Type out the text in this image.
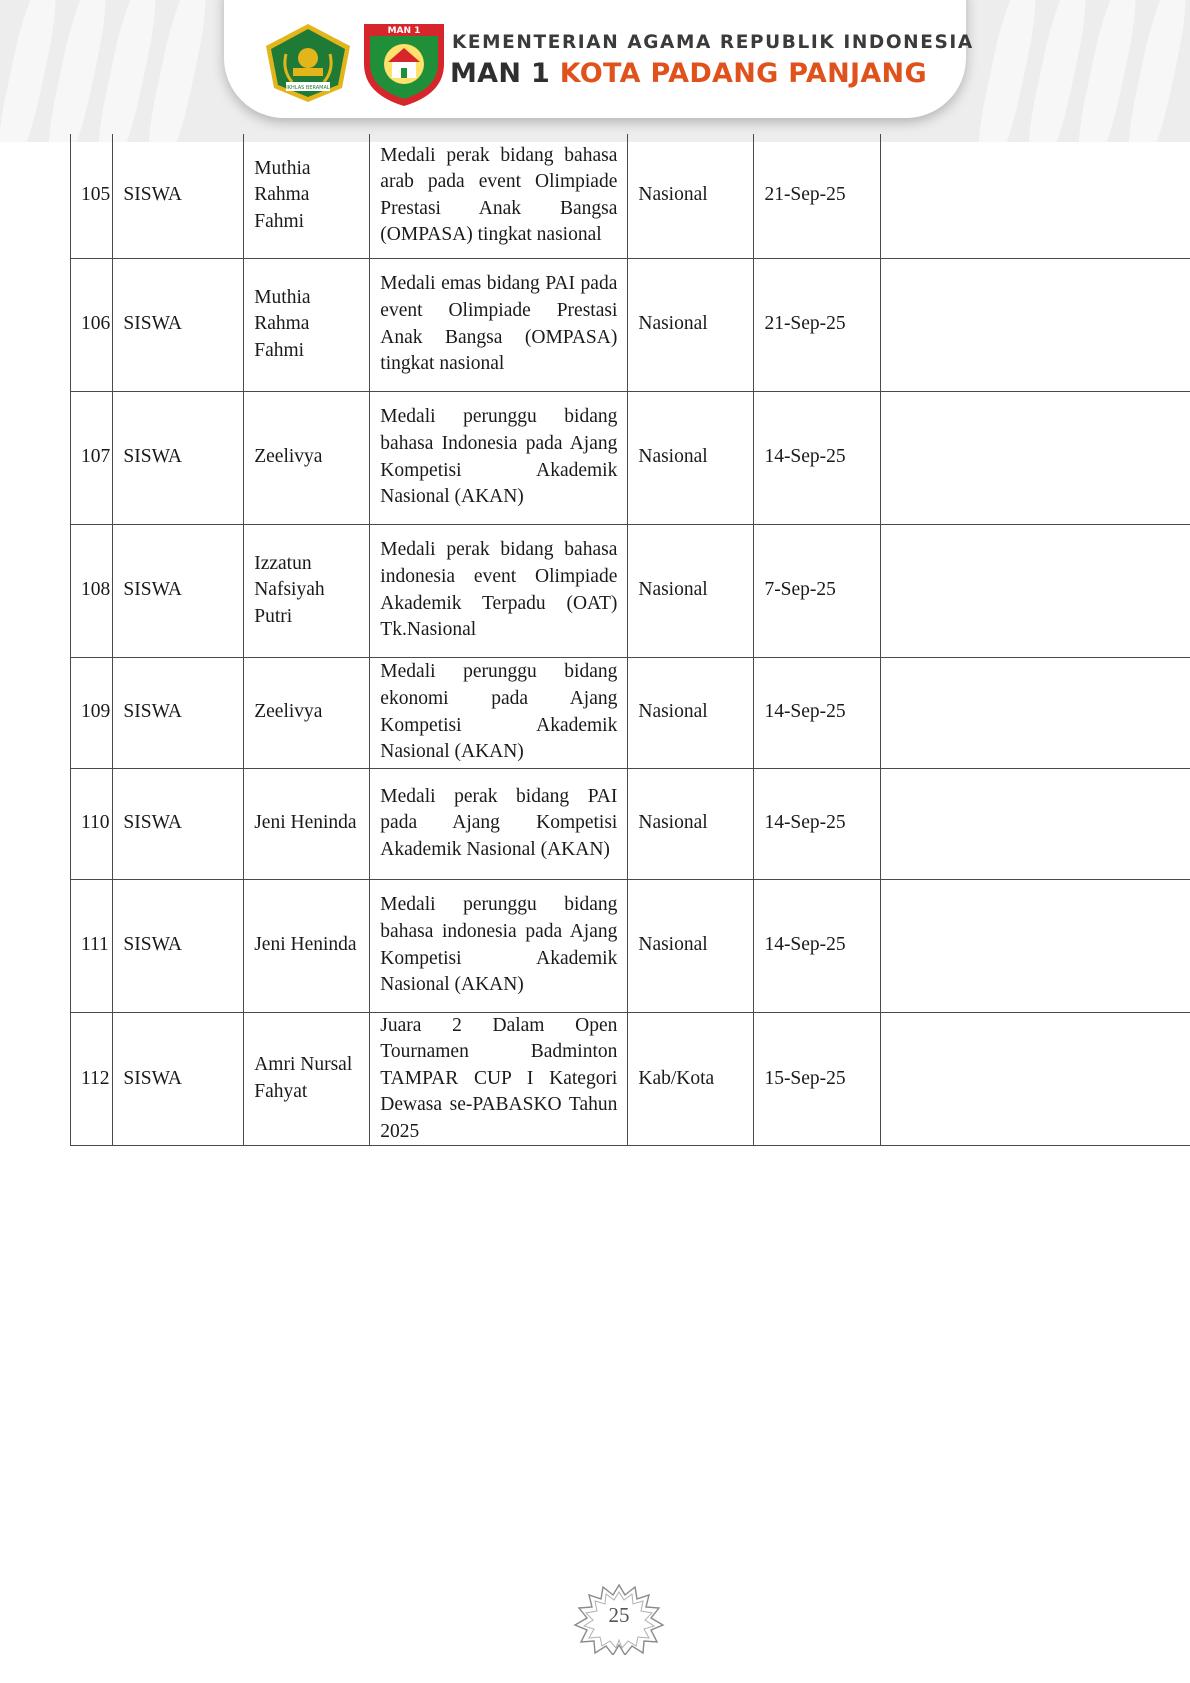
IKHLAS BERAMAL
MAN 1
KEMENTERIAN AGAMA REPUBLIK INDONESIA
MAN 1 KOTA PADANG PANJANG
105	SISWA	Muthia Rahma Fahmi	Medali perak bidang bahasa arab pada event Olimpiade Prestasi Anak Bangsa (OMPASA) tingkat nasional	Nasional	21-Sep-25	
106	SISWA	Muthia Rahma Fahmi	Medali emas bidang PAI pada event Olimpiade Prestasi Anak Bangsa (OMPASA) tingkat nasional	Nasional	21-Sep-25	
107	SISWA	Zeelivya	Medali perunggu bidang bahasa Indonesia pada Ajang Kompetisi Akademik Nasional (AKAN)	Nasional	14-Sep-25	
108	SISWA	Izzatun Nafsiyah Putri	Medali perak bidang bahasa indonesia event Olimpiade Akademik Terpadu (OAT) Tk.Nasional	Nasional	7-Sep-25	
109	SISWA	Zeelivya	Medali perunggu bidang ekonomi pada Ajang Kompetisi Akademik Nasional (AKAN)	Nasional	14-Sep-25	
110	SISWA	Jeni Heninda	Medali perak bidang PAI pada Ajang Kompetisi Akademik Nasional (AKAN)	Nasional	14-Sep-25	
111	SISWA	Jeni Heninda	Medali perunggu bidang bahasa indonesia pada Ajang Kompetisi Akademik Nasional (AKAN)	Nasional	14-Sep-25	
112	SISWA	Amri Nursal Fahyat	Juara 2 Dalam Open Tournamen Badminton TAMPAR CUP I Kategori Dewasa se-PABASKO Tahun 2025	Kab/Kota	15-Sep-25	
25
